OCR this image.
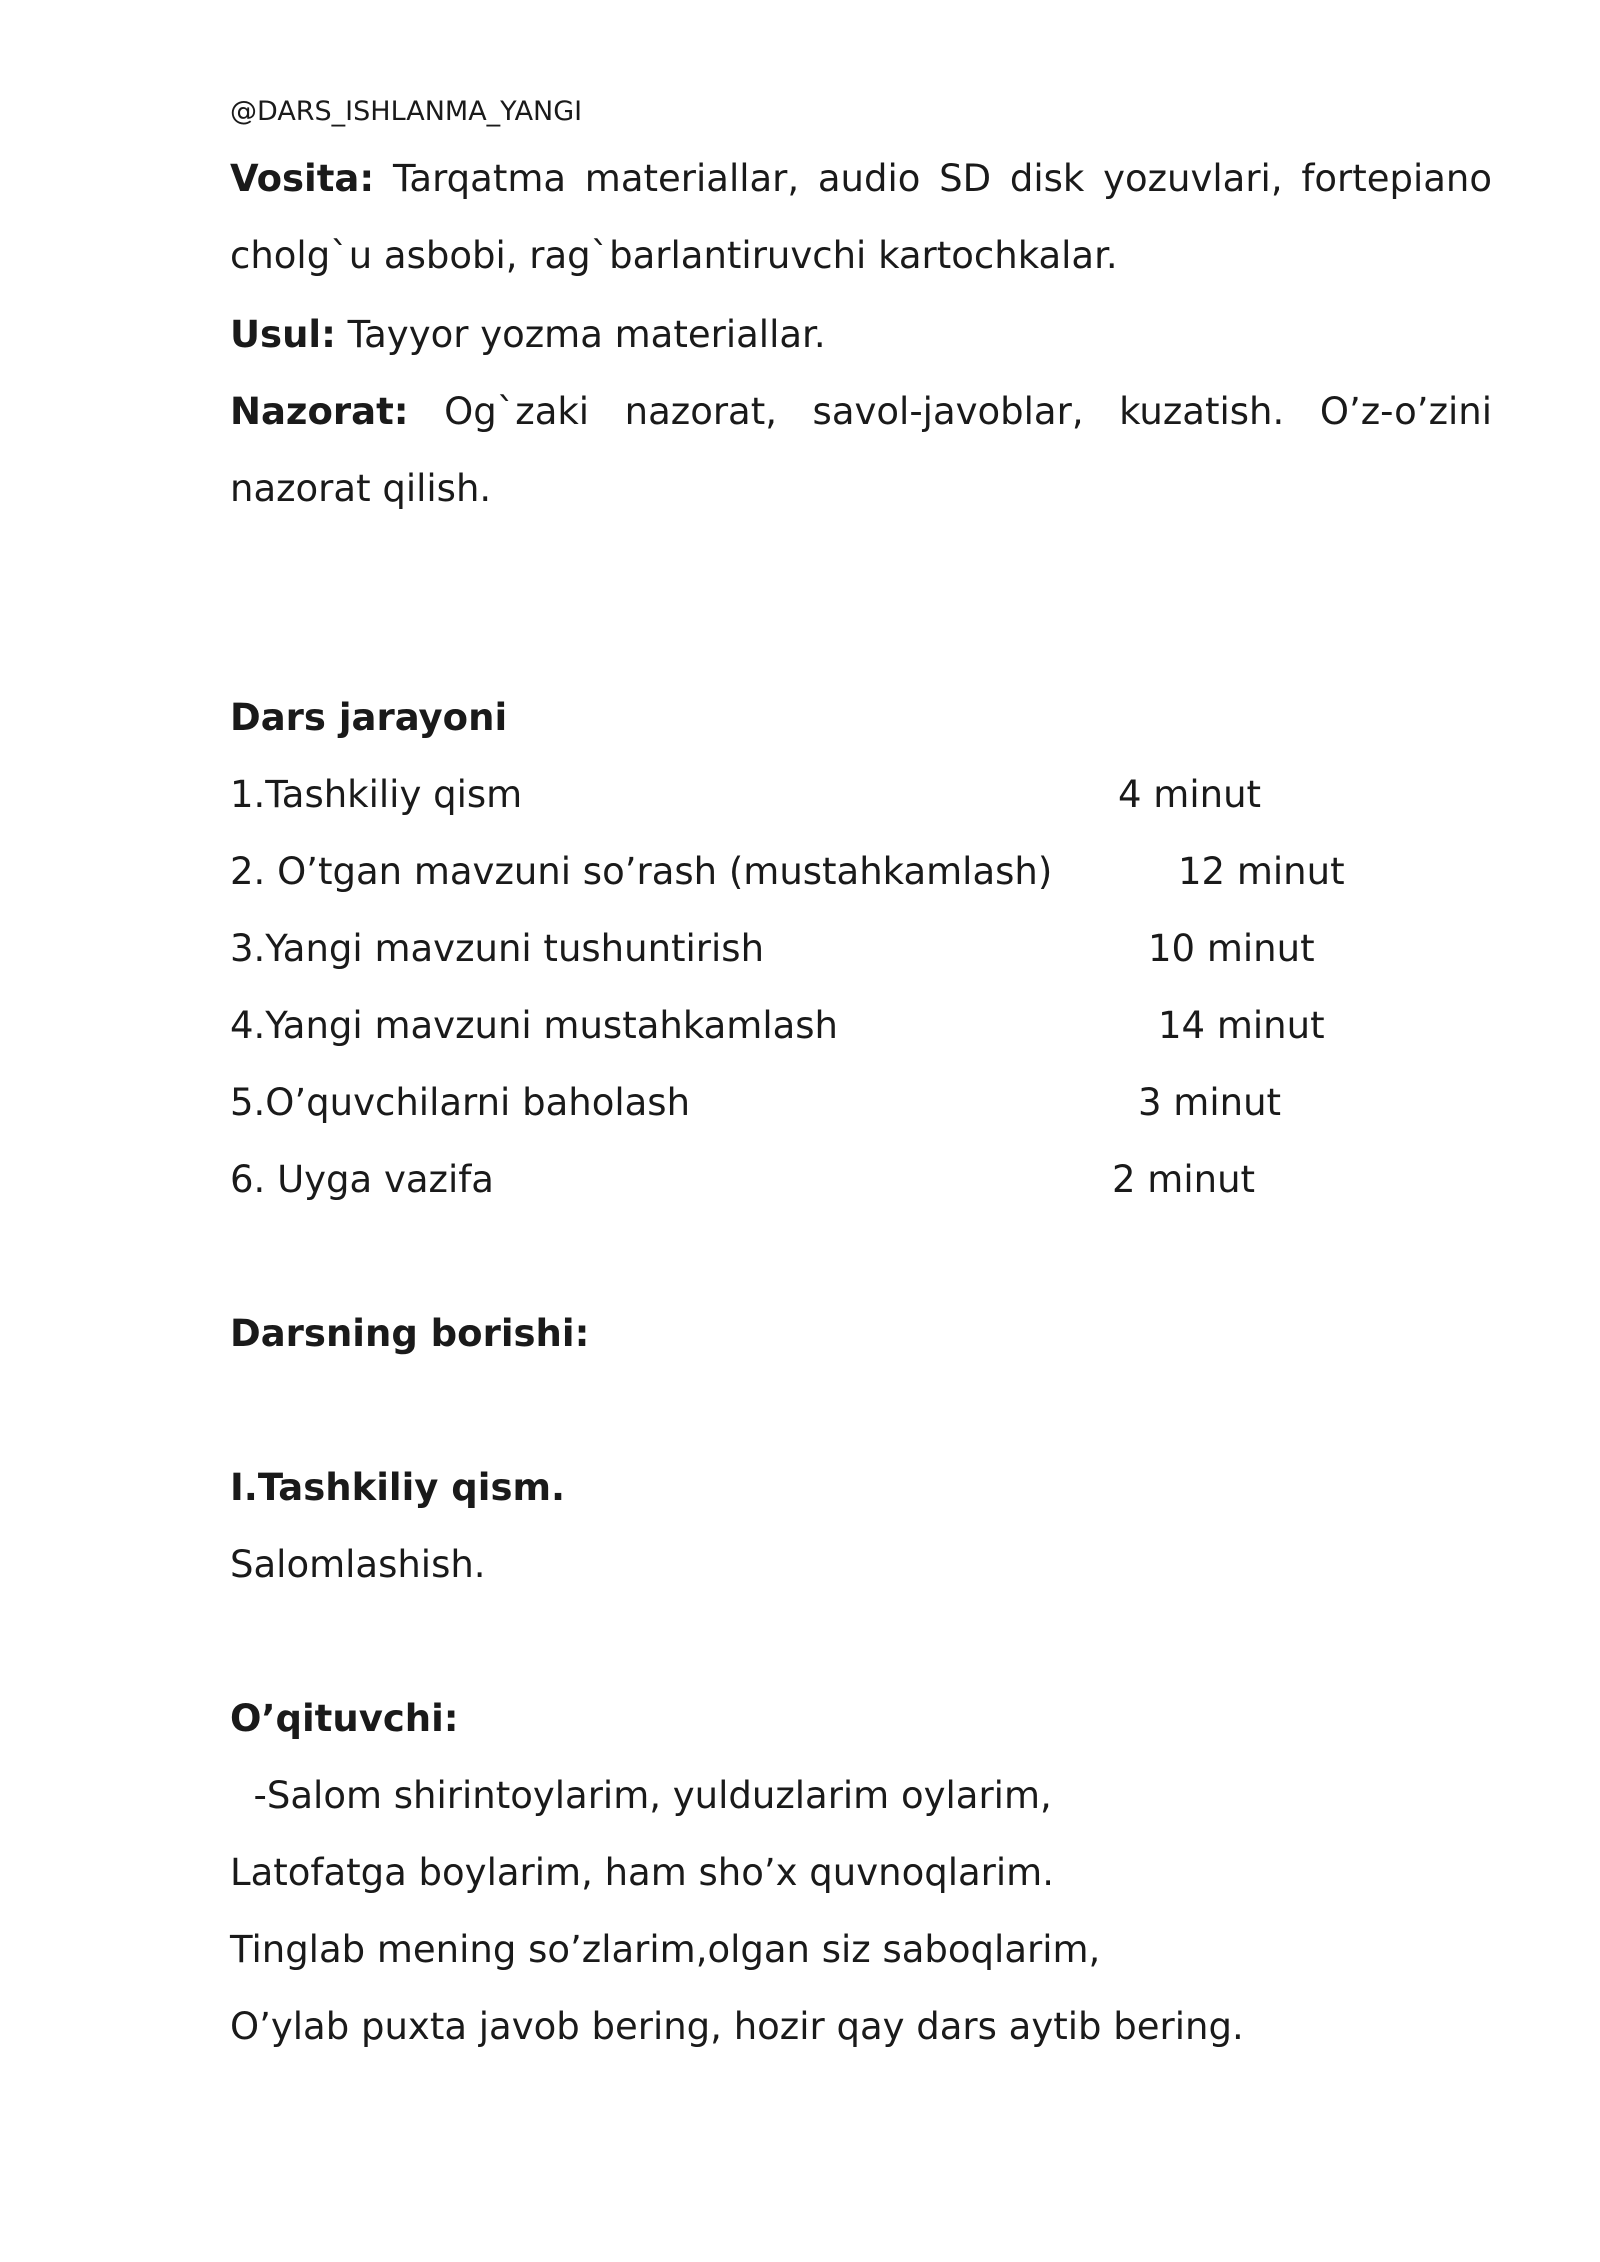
@DARS_ISHLANMA_YANGI
Vosita: Tarqatma materiallar, audio SD disk yozuvlari, fortepiano cholg`u asbobi, rag`barlantiruvchi kartochkalar.
Usul: Tayyor yozma materiallar.
Nazorat: Og`zaki nazorat, savol-javoblar, kuzatish. O’z-o’zini nazorat qilish.
Dars jarayoni
1.Tashkiliy qism	4 minut
2. O’tgan mavzuni so’rash (mustahkamlash)	12 minut
3.Yangi mavzuni tushuntirish	10 minut
4.Yangi mavzuni mustahkamlash	14 minut
5.O’quvchilarni baholash	3 minut
6. Uyga vazifa	2 minut
Darsning borishi:
I.Tashkiliy qism.
Salomlashish.
O’qituvchi:
-Salom shirintoylarim, yulduzlarim oylarim,
Latofatga boylarim, ham sho’x quvnoqlarim.
Tinglab mening so’zlarim,olgan siz saboqlarim,
O’ylab puxta javob bering, hozir qay dars aytib bering.
